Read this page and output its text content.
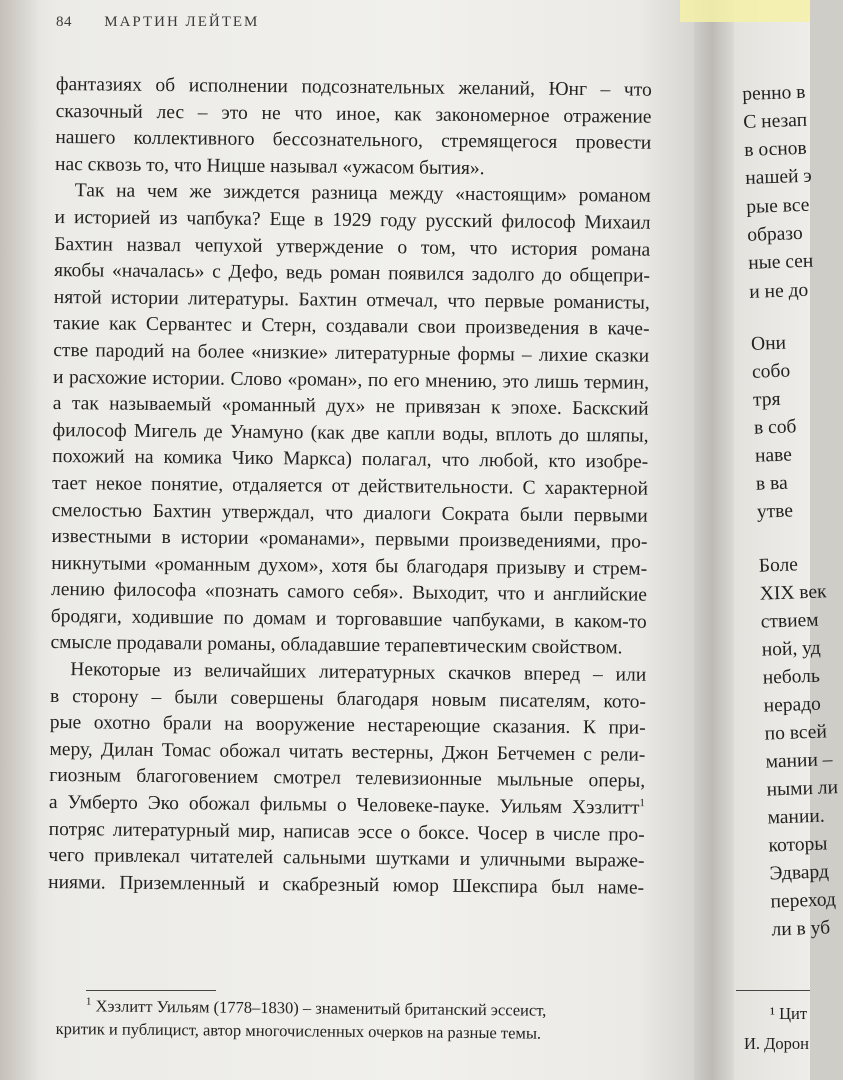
84 МАРТИН ЛЕЙТЕМ
фантазиях об исполнении подсознательных желаний, Юнг – что
сказочный лес – это не что иное, как закономерное отражение
нашего коллективного бессознательного, стремящегося провести
нас сквозь то, что Ницше называл «ужасом бытия».
Так на чем же зиждется разница между «настоящим» романом
и историей из чапбука? Еще в 1929 году русский философ Михаил
Бахтин назвал чепухой утверждение о том, что история романа
якобы «началась» с Дефо, ведь роман появился задолго до общепри-
нятой истории литературы. Бахтин отмечал, что первые романисты,
такие как Сервантес и Стерн, создавали свои произведения в каче-
стве пародий на более «низкие» литературные формы – лихие сказки
и расхожие истории. Слово «роман», по его мнению, это лишь термин,
а так называемый «романный дух» не привязан к эпохе. Баскский
философ Мигель де Унамуно (как две капли воды, вплоть до шляпы,
похожий на комика Чико Маркса) полагал, что любой, кто изобре-
тает некое понятие, отдаляется от действительности. С характерной
смелостью Бахтин утверждал, что диалоги Сократа были первыми
известными в истории «романами», первыми произведениями, про-
никнутыми «романным духом», хотя бы благодаря призыву и стрем-
лению философа «познать самого себя». Выходит, что и английские
бродяги, ходившие по домам и торговавшие чапбуками, в каком-то
смысле продавали романы, обладавшие терапевтическим свойством.
Некоторые из величайших литературных скачков вперед – или
в сторону – были совершены благодаря новым писателям, кото-
рые охотно брали на вооружение нестареющие сказания. К при-
меру, Дилан Томас обожал читать вестерны, Джон Бетчемен с рели-
гиозным благоговением смотрел телевизионные мыльные оперы,
а Умберто Эко обожал фильмы о Человеке-пауке. Уильям Хэзлитт$^1$
потряс литературный мир, написав эссе о боксе. Чосер в числе про-
чего привлекал читателей сальными шутками и уличными выраже-
ниями. Приземленный и скабрезный юмор Шекспира был наме-
$^1$ Хэзлитт Уильям (1778–1830) – знаменитый британский эссеист,
критик и публицист, автор многочисленных очерков на разные темы.
ренно в
С незап
в основ
нашей э
рые все
образо
ные сен
и не до
Они
собо
тря
в соб
наве
в ва
утве
Боле
XIX век
ствием
ной, уд
неболь
нерадо
по всей
мании –
ными ли
мании.
которы
Эдвард
переход
ли в уб
¹ Цит
И. Дорон
